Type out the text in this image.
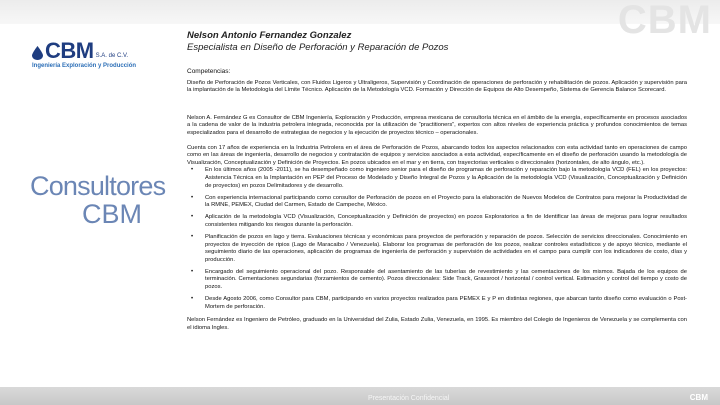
CBM
CBM S.A. de C.V.
Ingeniería Exploración y Producción
Consultores
CBM
Nelson Antonio Fernandez Gonzalez
Especialista en Diseño de Perforación y Reparación de Pozos
Competencias:

Diseño de Perforación de Pozos Verticales, con Fluidos Ligeros y Ultraligeros, Supervisión y Coordinación de operaciones de perforación y rehabilitación de pozos. Aplicación y supervisión para la implantación de la Metodología del Límite Técnico. Aplicación de la Metodología VCD. Formación y Dirección de Equipos de Alto Desempeño, Sistema de Gerencia Balance Scorecard.

Nelson A. Fernández G es Consultor de CBM Ingeniería, Exploración y Producción, empresa mexicana de consultoría técnica en el ámbito de la energía, específicamente en procesos asociados a la cadena de valor de la industria petrolera integrada, reconocida por la utilización de “practitioners”, expertos con altos niveles de experiencia práctica y profundos conocimientos de temas especializados para el desarrollo de estrategias de negocios y la ejecución de proyectos técnico – operacionales.

Cuenta con 17 años de experiencia en la Industria Petrolera en el área de Perforación de Pozos, abarcando todos los aspectos relacionados con esta actividad tanto en operaciones de campo como en las áreas de ingeniería, desarrollo de negocios y contratación de equipos y servicios asociados a esta actividad, específicamente en el diseño de perforación usando la metodología de Visualización, Conceptualización y Definición de Proyectos. En pozos ubicados en el mar y en tierra, con trayectorias verticales o direccionales (horizontales, de alto ángulo, etc.).

• En los últimos años (2005 -2011), se ha desempeñado como ingeniero senior para el diseño de programas de perforación y reparación bajo la metodología VCD (FEL) en los proyectos: Asistencia Técnica en la Implantación en PEP del Proceso de Modelado y Diseño Integral de Pozos y la Aplicación de la metodología VCD (Visualización, Conceptualización y Definición de proyectos) en pozos Delimitadores y de desarrollo.
• Con experiencia internacional participando como consultor de Perforación de pozos en el Proyecto para la elaboración de Nuevos Modelos de Contratos para mejorar la Productividad de la RMNE, PEMEX, Ciudad del Carmen, Estado de Campeche, México.
• Aplicación de la metodología VCD (Visualización, Conceptualización y Definición de proyectos) en pozos Exploratorios a fin de Identificar las áreas de mejoras para lograr resultados consistentes mitigando los riesgos durante la perforación.
• Planificación de pozos en lago y tierra. Evaluaciones técnicas y económicas para proyectos de perforación y reparación de pozos. Selección de servicios direccionales. Conocimiento en proyectos de inyección de ripios (Lago de Maracaibo / Venezuela). Elaborar los programas de perforación de los pozos, realizar controles estadísticos y de apoyo técnico, mediante el seguimiento diario de las operaciones, aplicación de programas de ingeniería de perforación y supervisión de actividades en el campo para cumplir con los indicadores de costo, días y producción.
• Encargado del seguimiento operacional del pozo. Responsable del asentamiento de las tuberías de revestimiento y las cementaciones de los mismos. Bajada de los equipos de terminación. Cementaciones segundarias (forzamientos de cemento). Pozos direccionales: Side Track, Grassroot / horizontal / control vertical. Estimación y control del tiempo y costo de pozos.
• Desde Agosto 2006, como Consultor para CBM, participando en varios proyectos realizados para PEMEX E y P en distintas regiones, que abarcan tanto diseño como evaluación o Post-Mortem de perforación.

Nelson Fernández es Ingeniero de Petróleo, graduado en la Universidad del Zulia, Estado Zulia, Venezuela, en 1995. Es miembro del Colegio de Ingenieros de Venezuela y se complementa con el idioma Ingles.

Presentación Confidencial	CBM
